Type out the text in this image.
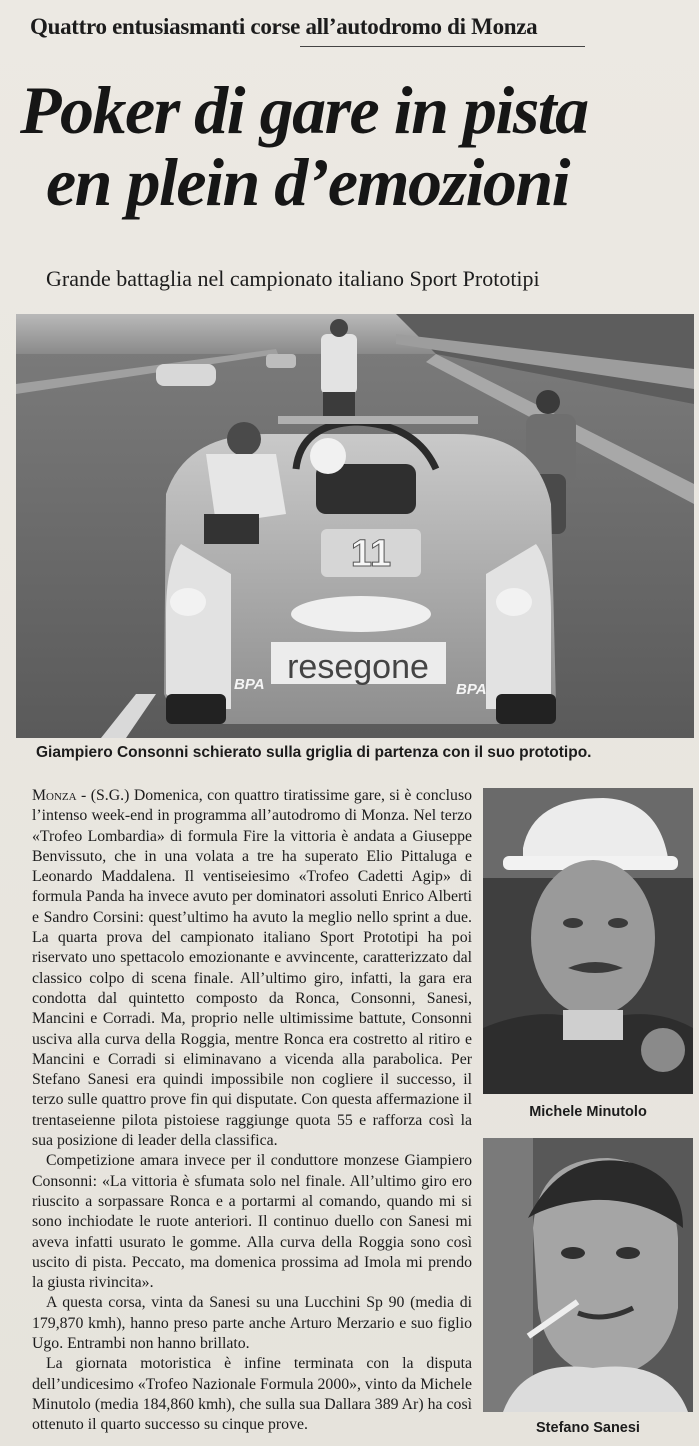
Quattro entusiasmanti corse all’autodromo di Monza
Poker di gare in pista
en plein d’emozioni
Grande battaglia nel campionato italiano Sport Prototipi
11
resegone
BPA	BPA
Giampiero Consonni schierato sulla griglia di partenza con il suo prototipo.

Monza - (S.G.) Domenica, con quattro tiratissime gare, si è concluso l’intenso week-end in programma all’autodromo di Monza. Nel terzo «Trofeo Lombardia» di formula Fire la vittoria è andata a Giuseppe Benvissuto, che in una volata a tre ha superato Elio Pittaluga e Leonardo Maddalena. Il ventiseiesimo «Trofeo Cadetti Agip» di formula Panda ha invece avuto per dominatori assoluti Enrico Alberti e Sandro Corsini: quest’ultimo ha avuto la meglio nello sprint a due. La quarta prova del campionato italiano Sport Prototipi ha poi riservato uno spettacolo emozionante e avvincente, caratterizzato dal classico colpo di scena finale. All’ultimo giro, infatti, la gara era condotta dal quintetto composto da Ronca, Consonni, Sanesi, Mancini e Corradi. Ma, proprio nelle ultimissime battute, Consonni usciva alla curva della Roggia, mentre Ronca era costretto al ritiro e Mancini e Corradi si eliminavano a vicenda alla parabolica. Per Stefano Sanesi era quindi impossibile non cogliere il successo, il terzo sulle quattro prove fin qui disputate. Con questa affermazione il trentaseienne pilota pistoiese raggiunge quota 55 e rafforza così la sua posizione di leader della classifica.

Competizione amara invece per il conduttore monzese Giampiero Consonni: «La vittoria è sfumata solo nel finale. All’ultimo giro ero riuscito a sorpassare Ronca e a portarmi al comando, quando mi si sono inchiodate le ruote anteriori. Il continuo duello con Sanesi mi aveva infatti usurato le gomme. Alla curva della Roggia sono così uscito di pista. Peccato, ma domenica prossima ad Imola mi prendo la giusta rivincita».

A questa corsa, vinta da Sanesi su una Lucchini Sp 90 (media di 179,870 kmh), hanno preso parte anche Arturo Merzario e suo figlio Ugo. Entrambi non hanno brillato.

La giornata motoristica è infine terminata con la disputa dell’undicesimo «Trofeo Nazionale Formula 2000», vinto da Michele Minutolo (media 184,860 kmh), che sulla sua Dallara 389 Ar) ha così ottenuto il quarto successo su cinque prove.

Michele Minutolo
Stefano Sanesi
